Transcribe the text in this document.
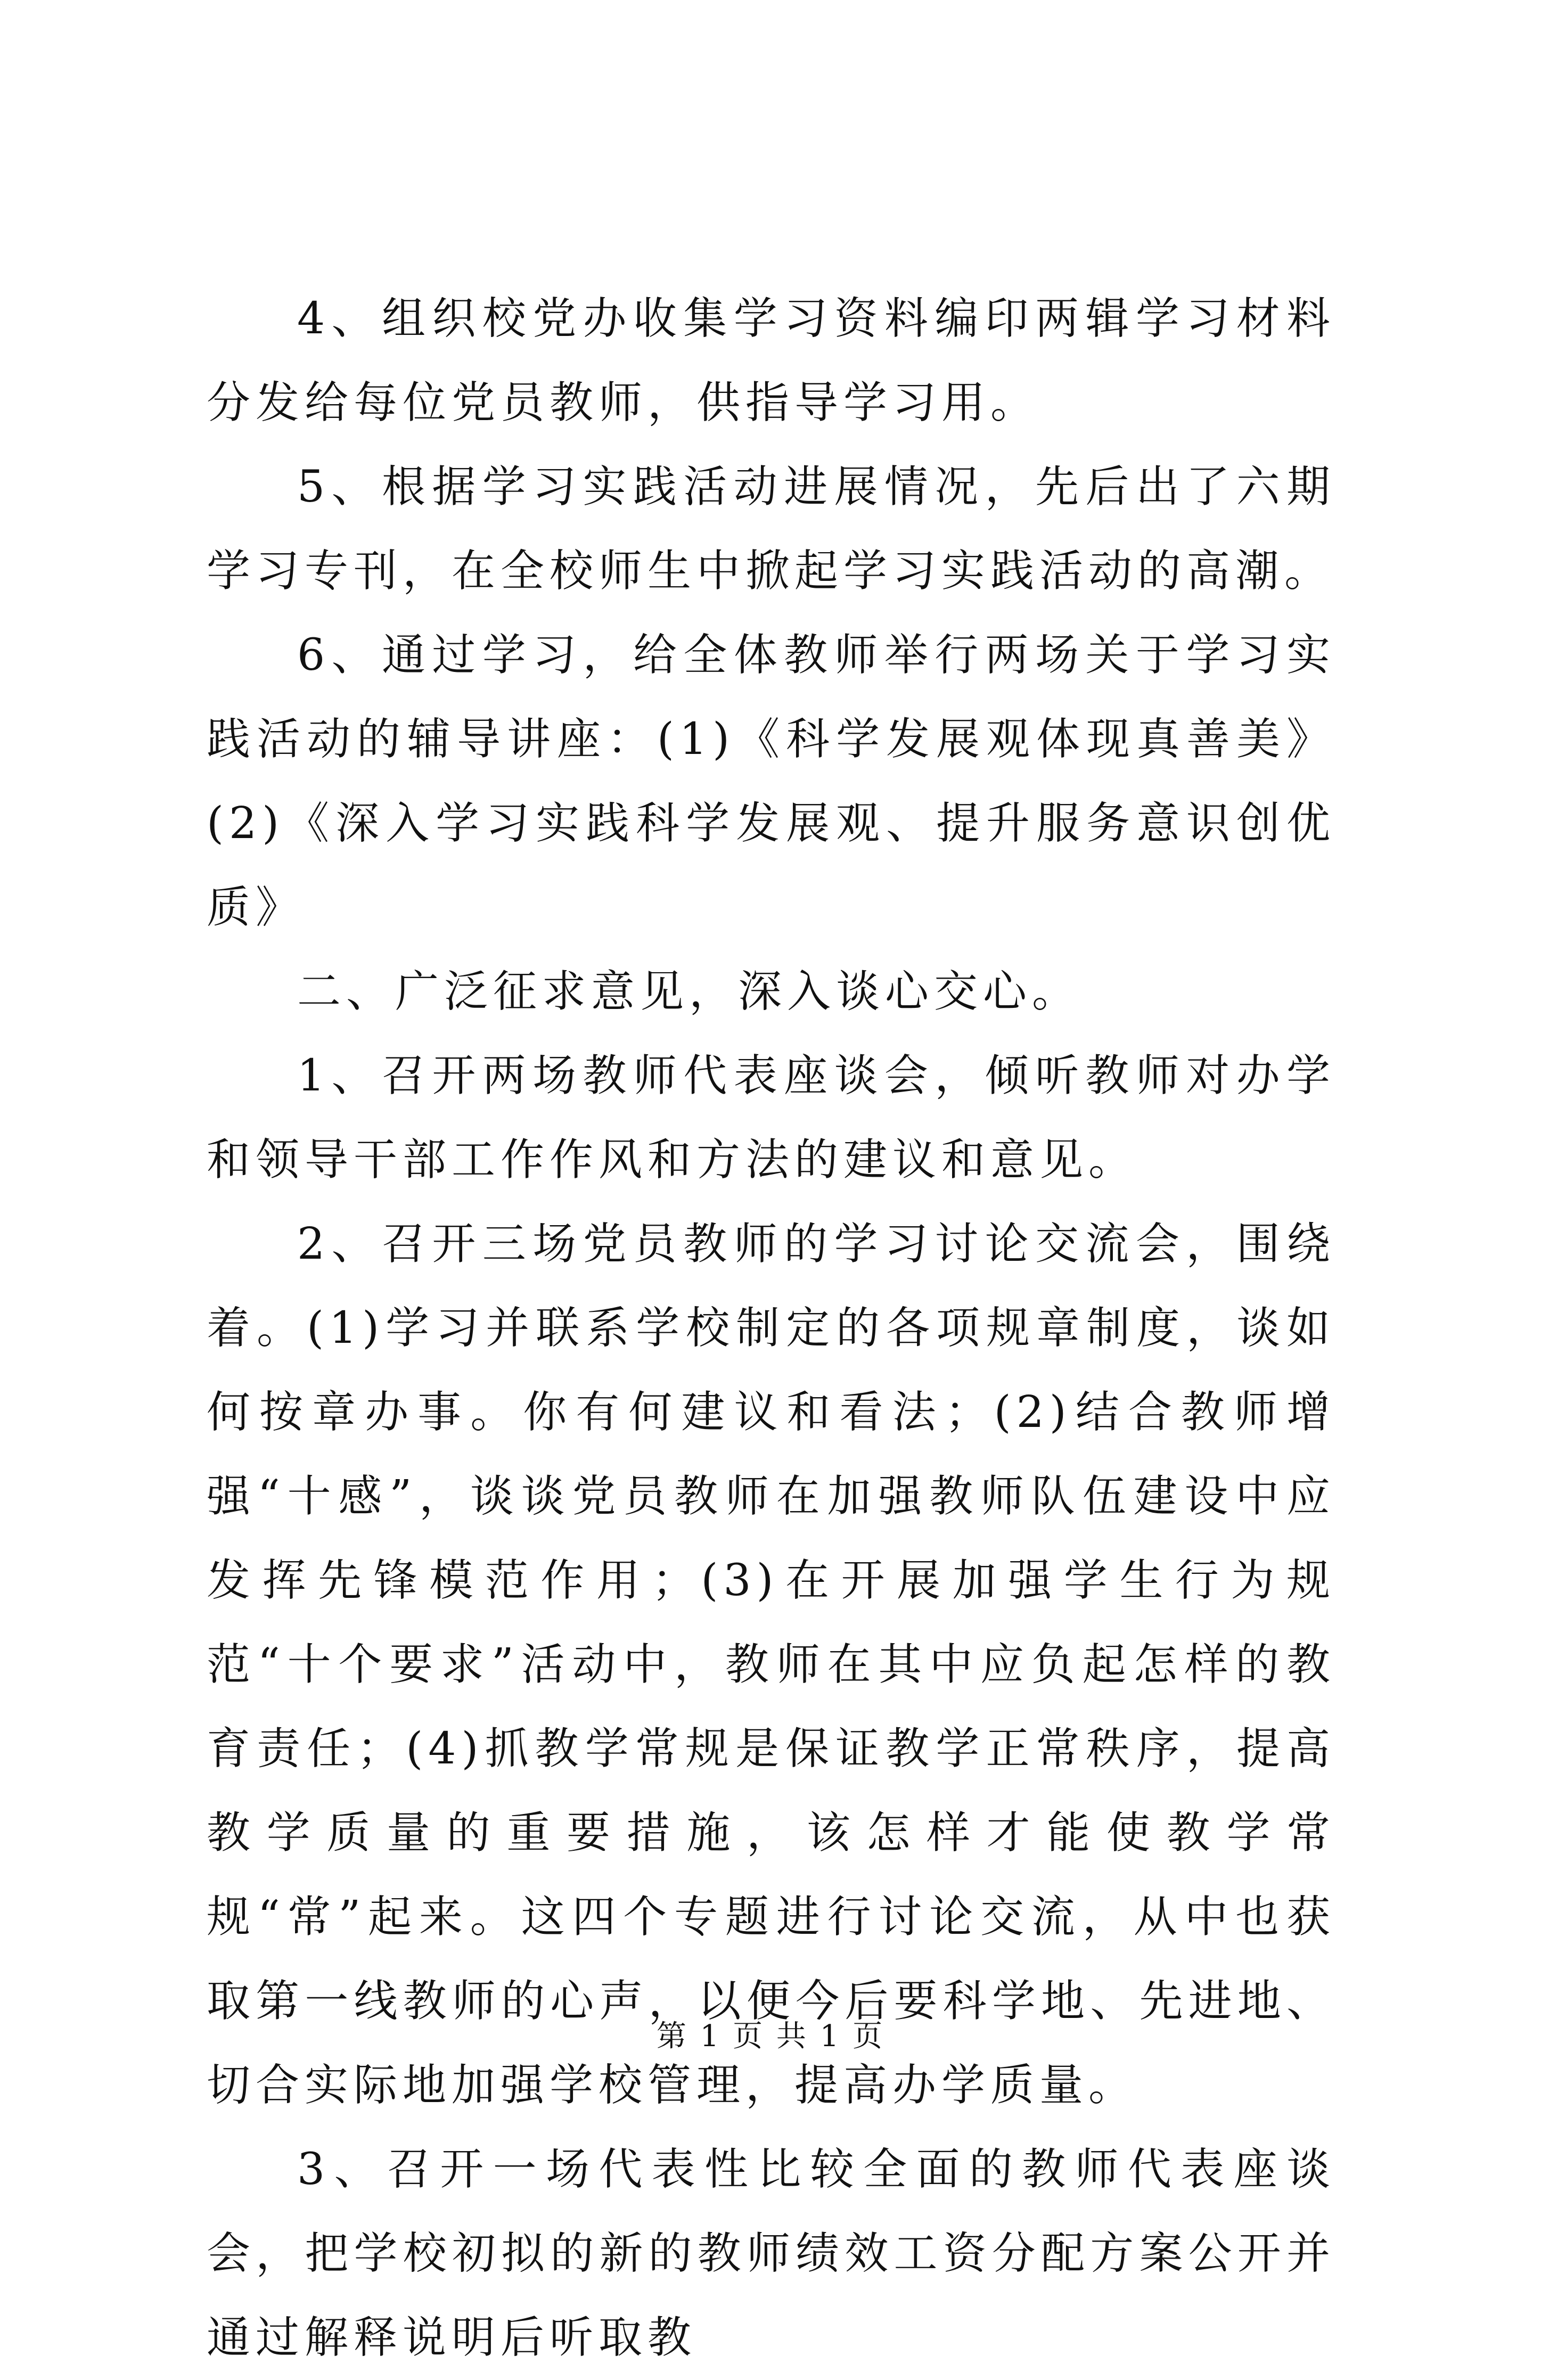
4、组织校党办收集学习资料编印两辑学习材料分发给每位党员教师，供指导学习用。

5、根据学习实践活动进展情况，先后出了六期学习专刊，在全校师生中掀起学习实践活动的高潮。

6、通过学习，给全体教师举行两场关于学习实践活动的辅导讲座：(1)《科学发展观体现真善美》(2)《深入学习实践科学发展观、提升服务意识创优质》

二、广泛征求意见，深入谈心交心。

1、召开两场教师代表座谈会，倾听教师对办学和领导干部工作作风和方法的建议和意见。

2、召开三场党员教师的学习讨论交流会，围绕着。(1)学习并联系学校制定的各项规章制度，谈如何按章办事。你有何建议和看法；(2)结合教师增强“十感”，谈谈党员教师在加强教师队伍建设中应发挥先锋模范作用；(3)在开展加强学生行为规范“十个要求”活动中，教师在其中应负起怎样的教育责任；(4)抓教学常规是保证教学正常秩序，提高教学质量的重要措施，该怎样才能使教学常规“常”起来。这四个专题进行讨论交流，从中也获取第一线教师的心声，以便今后要科学地、先进地、切合实际地加强学校管理，提高办学质量。

3、召开一场代表性比较全面的教师代表座谈会，把学校初拟的新的教师绩效工资分配方案公开并通过解释说明后听取教

第 1 页 共 1 页
